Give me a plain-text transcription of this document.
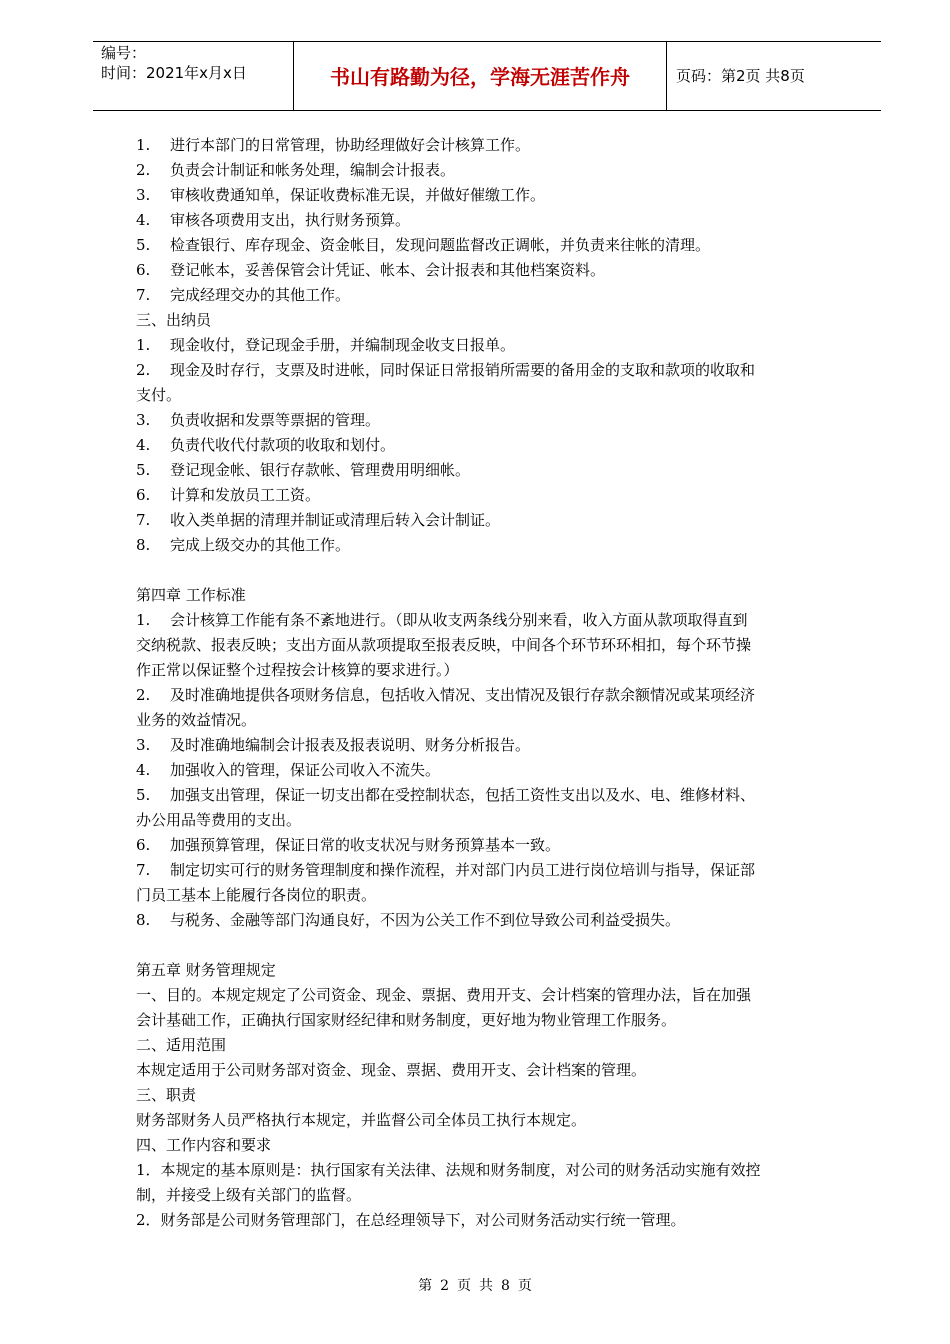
编号：
时间：2021年x月x日	书山有路勤为径，学海无涯苦作舟	页码：第2页 共8页
1. 进行本部门的日常管理，协助经理做好会计核算工作。
2. 负责会计制证和帐务处理，编制会计报表。
3. 审核收费通知单，保证收费标准无误，并做好催缴工作。
4. 审核各项费用支出，执行财务预算。
5. 检查银行、库存现金、资金帐目，发现问题监督改正调帐，并负责来往帐的清理。
6. 登记帐本，妥善保管会计凭证、帐本、会计报表和其他档案资料。
7. 完成经理交办的其他工作。
三、出纳员
1. 现金收付，登记现金手册，并编制现金收支日报单。
2. 现金及时存行，支票及时进帐，同时保证日常报销所需要的备用金的支取和款项的收取和
支付。
3. 负责收据和发票等票据的管理。
4. 负责代收代付款项的收取和划付。
5. 登记现金帐、银行存款帐、管理费用明细帐。
6. 计算和发放员工工资。
7. 收入类单据的清理并制证或清理后转入会计制证。
8. 完成上级交办的其他工作。
第四章 工作标准
1. 会计核算工作能有条不紊地进行。（即从收支两条线分别来看，收入方面从款项取得直到
交纳税款、报表反映；支出方面从款项提取至报表反映，中间各个环节环环相扣，每个环节操
作正常以保证整个过程按会计核算的要求进行。）
2. 及时准确地提供各项财务信息，包括收入情况、支出情况及银行存款余额情况或某项经济
业务的效益情况。
3. 及时准确地编制会计报表及报表说明、财务分析报告。
4. 加强收入的管理，保证公司收入不流失。
5. 加强支出管理，保证一切支出都在受控制状态，包括工资性支出以及水、电、维修材料、
办公用品等费用的支出。
6. 加强预算管理，保证日常的收支状况与财务预算基本一致。
7. 制定切实可行的财务管理制度和操作流程，并对部门内员工进行岗位培训与指导，保证部
门员工基本上能履行各岗位的职责。
8. 与税务、金融等部门沟通良好，不因为公关工作不到位导致公司利益受损失。
第五章 财务管理规定
一、目的。本规定规定了公司资金、现金、票据、费用开支、会计档案的管理办法，旨在加强
会计基础工作，正确执行国家财经纪律和财务制度，更好地为物业管理工作服务。
二、适用范围
本规定适用于公司财务部对资金、现金、票据、费用开支、会计档案的管理。
三、职责
财务部财务人员严格执行本规定，并监督公司全体员工执行本规定。
四、工作内容和要求
1．本规定的基本原则是：执行国家有关法律、法规和财务制度，对公司的财务活动实施有效控
制，并接受上级有关部门的监督。
2．财务部是公司财务管理部门，在总经理领导下，对公司财务活动实行统一管理。
第 2 页 共 8 页
